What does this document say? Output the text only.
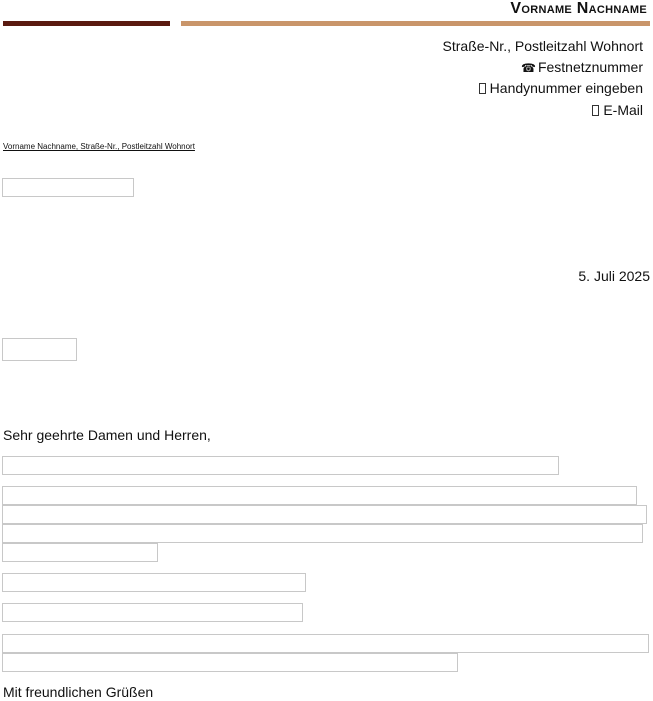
Vorname Nachname
Straße-Nr., Postleitzahl Wohnort
☎ Festnetznummer
Handynummer eingeben
E-Mail
Vorname Nachname, Straße-Nr., Postleitzahl Wohnort
5. Juli 2025
Sehr geehrte Damen und Herren,
Mit freundlichen Grüßen
